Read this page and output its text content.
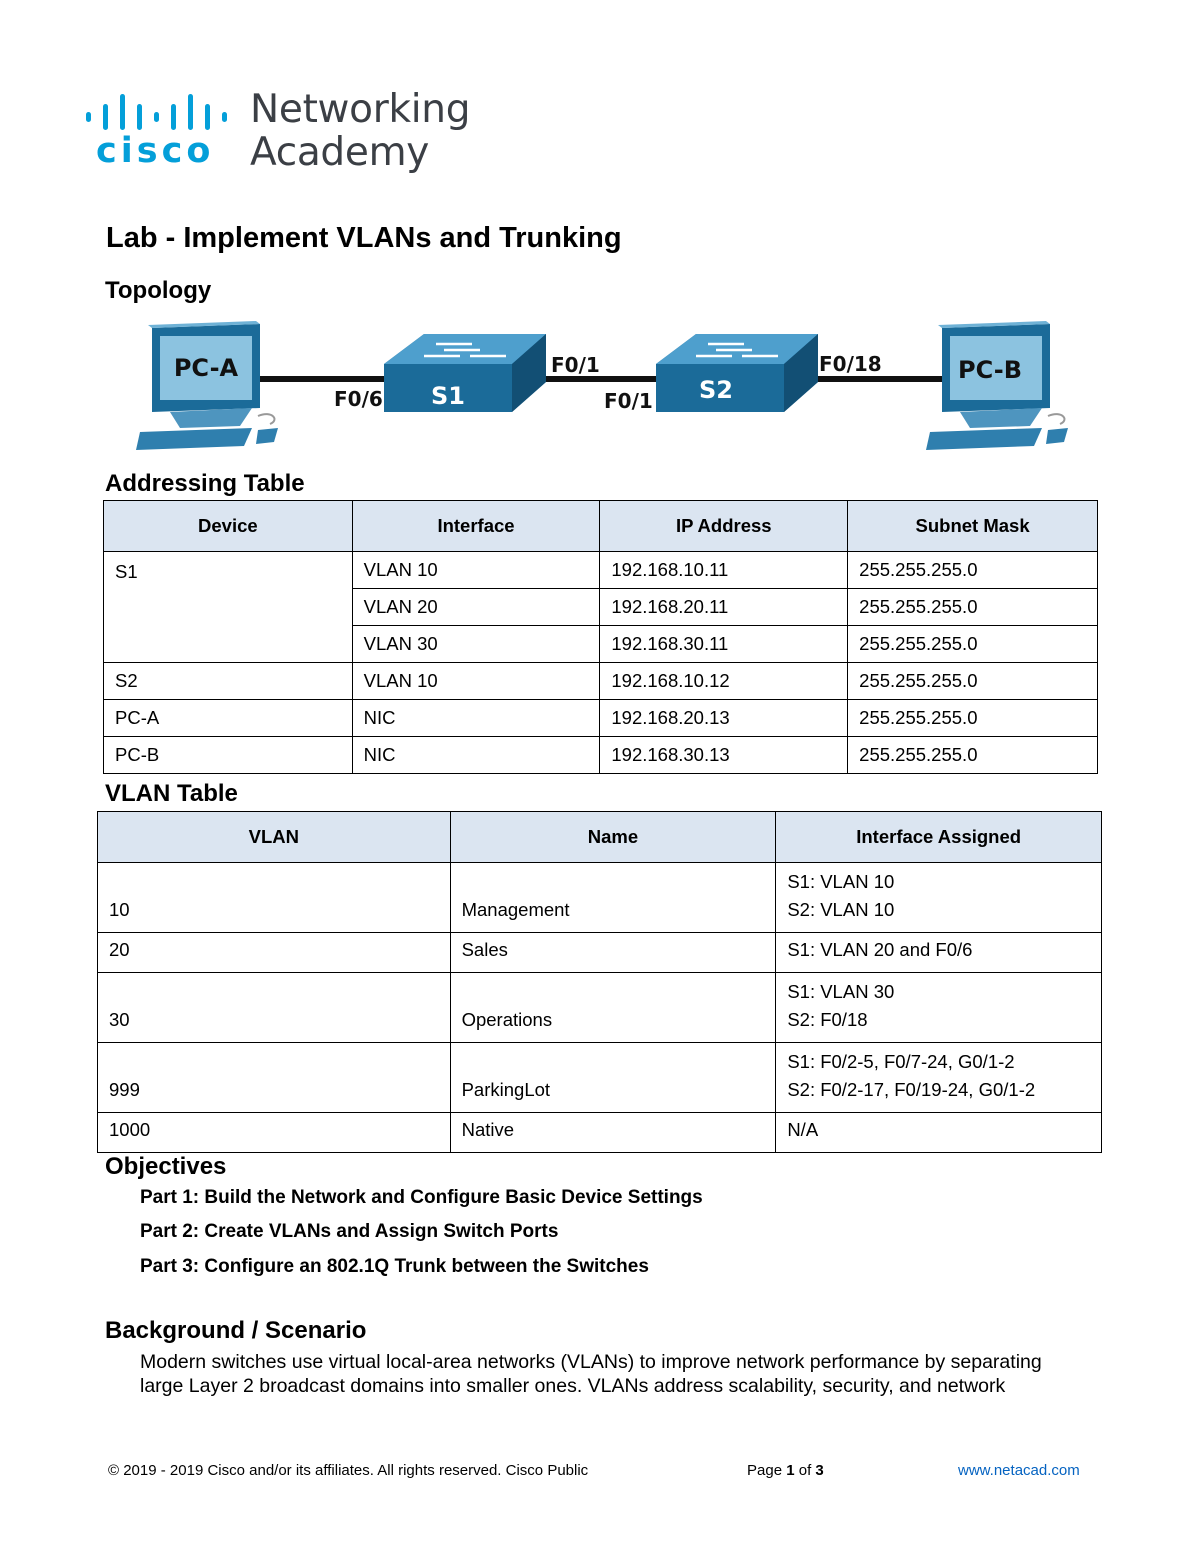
cisco
Networking
Academy
Lab - Implement VLANs and Trunking
Topology
PC-A
S1	S2
PC-B
F0/6
F0/1
F0/1
F0/18
Addressing Table
Device	Interface	IP Address	Subnet Mask
S1	VLAN 10	192.168.10.11	255.255.255.0
	VLAN 20	192.168.20.11	255.255.255.0
	VLAN 30	192.168.30.11	255.255.255.0
S2	VLAN 10	192.168.10.12	255.255.255.0
PC-A	NIC	192.168.20.13	255.255.255.0
PC-B	NIC	192.168.30.13	255.255.255.0
VLAN Table
VLAN	Name	Interface Assigned
10	Management	S1: VLAN 10
S2: VLAN 10

20	Sales	S1: VLAN 20 and F0/6

30	Operations	S1: VLAN 30
S2: F0/18

999	ParkingLot	S1: F0/2-5, F0/7-24, G0/1-2
S2: F0/2-17, F0/19-24, G0/1-2

1000	Native	N/A
Objectives
Part 1: Build the Network and Configure Basic Device Settings
Part 2: Create VLANs and Assign Switch Ports
Part 3: Configure an 802.1Q Trunk between the Switches
Background / Scenario
Modern switches use virtual local-area networks (VLANs) to improve network performance by separating
large Layer 2 broadcast domains into smaller ones. VLANs address scalability, security, and network
© 2019 - 2019 Cisco and/or its affiliates. All rights reserved. Cisco Public	Page 1 of 3	www.netacad.com
